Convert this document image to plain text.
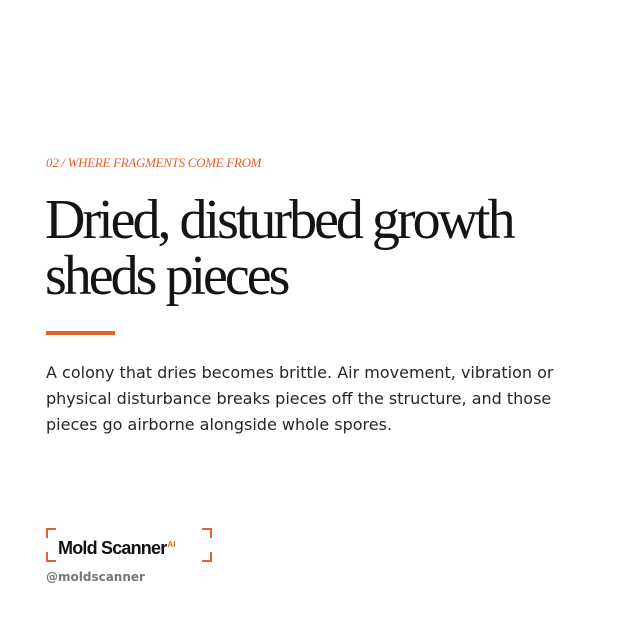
02 / WHERE FRAGMENTS COME FROM
Dried, disturbed growth sheds pieces

A colony that dries becomes brittle. Air movement, vibration or physical disturbance breaks pieces off the structure, and those pieces go airborne alongside whole spores.

Mold Scanner$^{AI}$
@moldscanner
